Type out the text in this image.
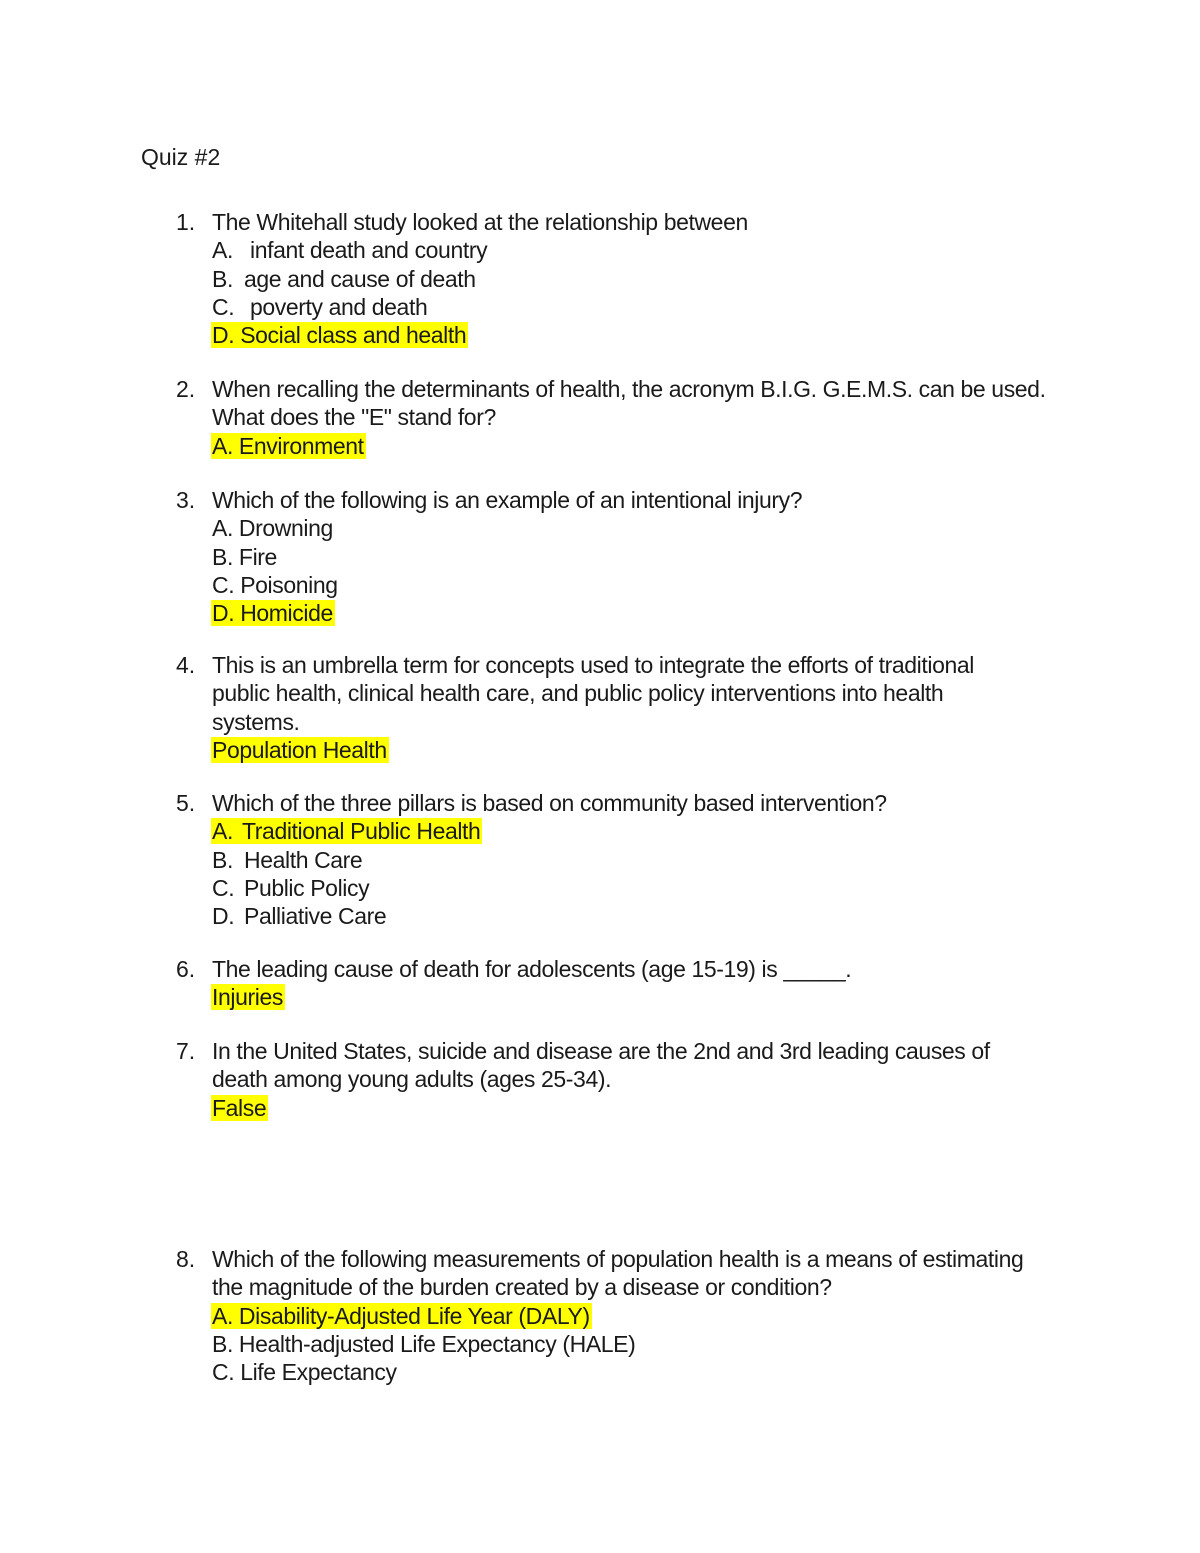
Quiz #2
1. The Whitehall study looked at the relationship between
A. infant death and country
B. age and cause of death
C. poverty and death
D. Social class and health
2. When recalling the determinants of health, the acronym B.I.G. G.E.M.S. can be used.
What does the "E" stand for?
A. Environment
3. Which of the following is an example of an intentional injury?
A. Drowning
B. Fire
C. Poisoning
D. Homicide
4. This is an umbrella term for concepts used to integrate the efforts of traditional
public health, clinical health care, and public policy interventions into health
systems.
Population Health
5. Which of the three pillars is based on community based intervention?
A. Traditional Public Health
B. Health Care
C. Public Policy
D. Palliative Care
6. The leading cause of death for adolescents (age 15-19) is _____.
Injuries
7. In the United States, suicide and disease are the 2nd and 3rd leading causes of
death among young adults (ages 25-34).
False
8. Which of the following measurements of population health is a means of estimating
the magnitude of the burden created by a disease or condition?
A. Disability-Adjusted Life Year (DALY)
B. Health-adjusted Life Expectancy (HALE)
C. Life Expectancy
